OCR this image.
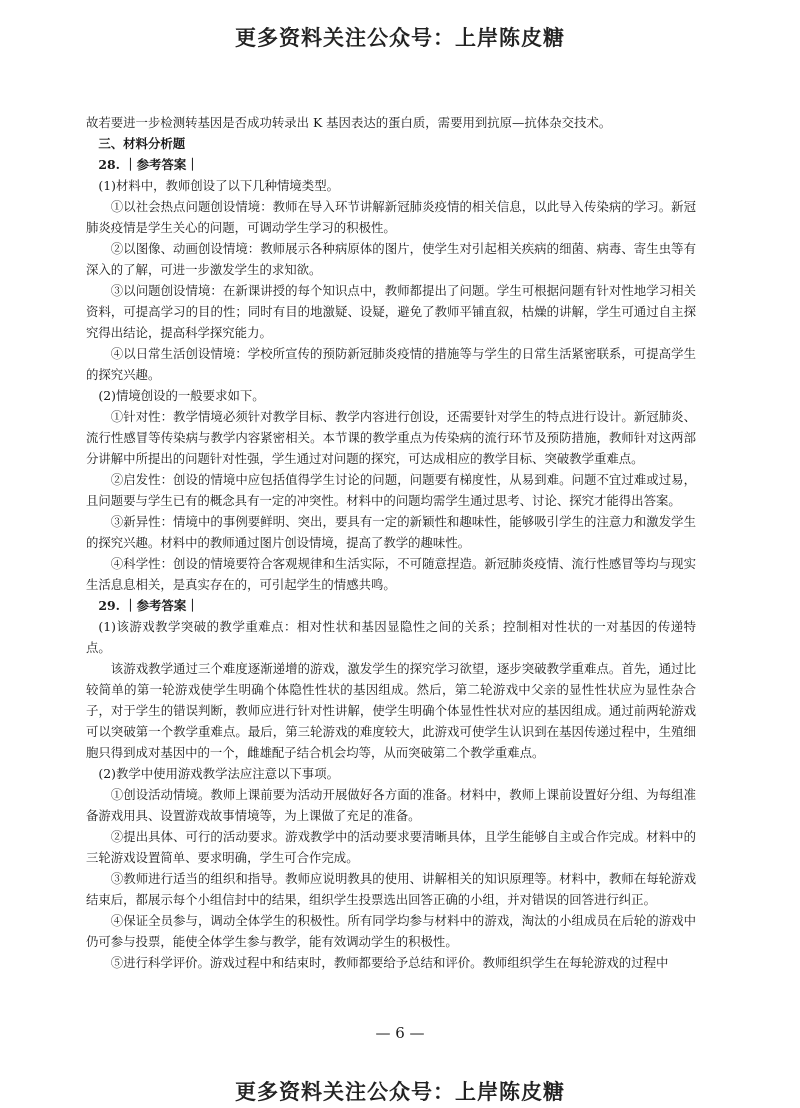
更多资料关注公众号：上岸陈皮糖

故若要进一步检测转基因是否成功转录出 K 基因表达的蛋白质，需要用到抗原—抗体杂交技术。

三、材料分析题

28. ｜参考答案｜

(1)材料中，教师创设了以下几种情境类型。

①以社会热点问题创设情境：教师在导入环节讲解新冠肺炎疫情的相关信息，以此导入传染病的学习。新冠肺炎疫情是学生关心的问题，可调动学生学习的积极性。

②以图像、动画创设情境：教师展示各种病原体的图片，使学生对引起相关疾病的细菌、病毒、寄生虫等有深入的了解，可进一步激发学生的求知欲。

③以问题创设情境：在新课讲授的每个知识点中，教师都提出了问题。学生可根据问题有针对性地学习相关资料，可提高学习的目的性；同时有目的地激疑、设疑，避免了教师平铺直叙，枯燥的讲解，学生可通过自主探究得出结论，提高科学探究能力。

④以日常生活创设情境：学校所宣传的预防新冠肺炎疫情的措施等与学生的日常生活紧密联系，可提高学生的探究兴趣。

(2)情境创设的一般要求如下。

①针对性：教学情境必须针对教学目标、教学内容进行创设，还需要针对学生的特点进行设计。新冠肺炎、流行性感冒等传染病与教学内容紧密相关。本节课的教学重点为传染病的流行环节及预防措施，教师针对这两部分讲解中所提出的问题针对性强，学生通过对问题的探究，可达成相应的教学目标、突破教学重难点。

②启发性：创设的情境中应包括值得学生讨论的问题，问题要有梯度性，从易到难。问题不宜过难或过易，且问题要与学生已有的概念具有一定的冲突性。材料中的问题均需学生通过思考、讨论、探究才能得出答案。

③新异性：情境中的事例要鲜明、突出，要具有一定的新颖性和趣味性，能够吸引学生的注意力和激发学生的探究兴趣。材料中的教师通过图片创设情境，提高了教学的趣味性。

④科学性：创设的情境要符合客观规律和生活实际，不可随意捏造。新冠肺炎疫情、流行性感冒等均与现实生活息息相关，是真实存在的，可引起学生的情感共鸣。

29. ｜参考答案｜

(1)该游戏教学突破的教学重难点：相对性状和基因显隐性之间的关系；控制相对性状的一对基因的传递特点。

该游戏教学通过三个难度逐渐递增的游戏，激发学生的探究学习欲望，逐步突破教学重难点。首先，通过比较简单的第一轮游戏使学生明确个体隐性性状的基因组成。然后，第二轮游戏中父亲的显性性状应为显性杂合子，对于学生的错误判断，教师应进行针对性讲解，使学生明确个体显性性状对应的基因组成。通过前两轮游戏可以突破第一个教学重难点。最后，第三轮游戏的难度较大，此游戏可使学生认识到在基因传递过程中，生殖细胞只得到成对基因中的一个，雌雄配子结合机会均等，从而突破第二个教学重难点。

(2)教学中使用游戏教学法应注意以下事项。

①创设活动情境。教师上课前要为活动开展做好各方面的准备。材料中，教师上课前设置好分组、为每组准备游戏用具、设置游戏故事情境等，为上课做了充足的准备。

②提出具体、可行的活动要求。游戏教学中的活动要求要清晰具体，且学生能够自主或合作完成。材料中的三轮游戏设置简单、要求明确，学生可合作完成。

③教师进行适当的组织和指导。教师应说明教具的使用、讲解相关的知识原理等。材料中，教师在每轮游戏结束后，都展示每个小组信封中的结果，组织学生投票选出回答正确的小组，并对错误的回答进行纠正。

④保证全员参与，调动全体学生的积极性。所有同学均参与材料中的游戏，淘汰的小组成员在后轮的游戏中仍可参与投票，能使全体学生参与教学，能有效调动学生的积极性。

⑤进行科学评价。游戏过程中和结束时，教师都要给予总结和评价。教师组织学生在每轮游戏的过程中

— 6 —
更多资料关注公众号：上岸陈皮糖
